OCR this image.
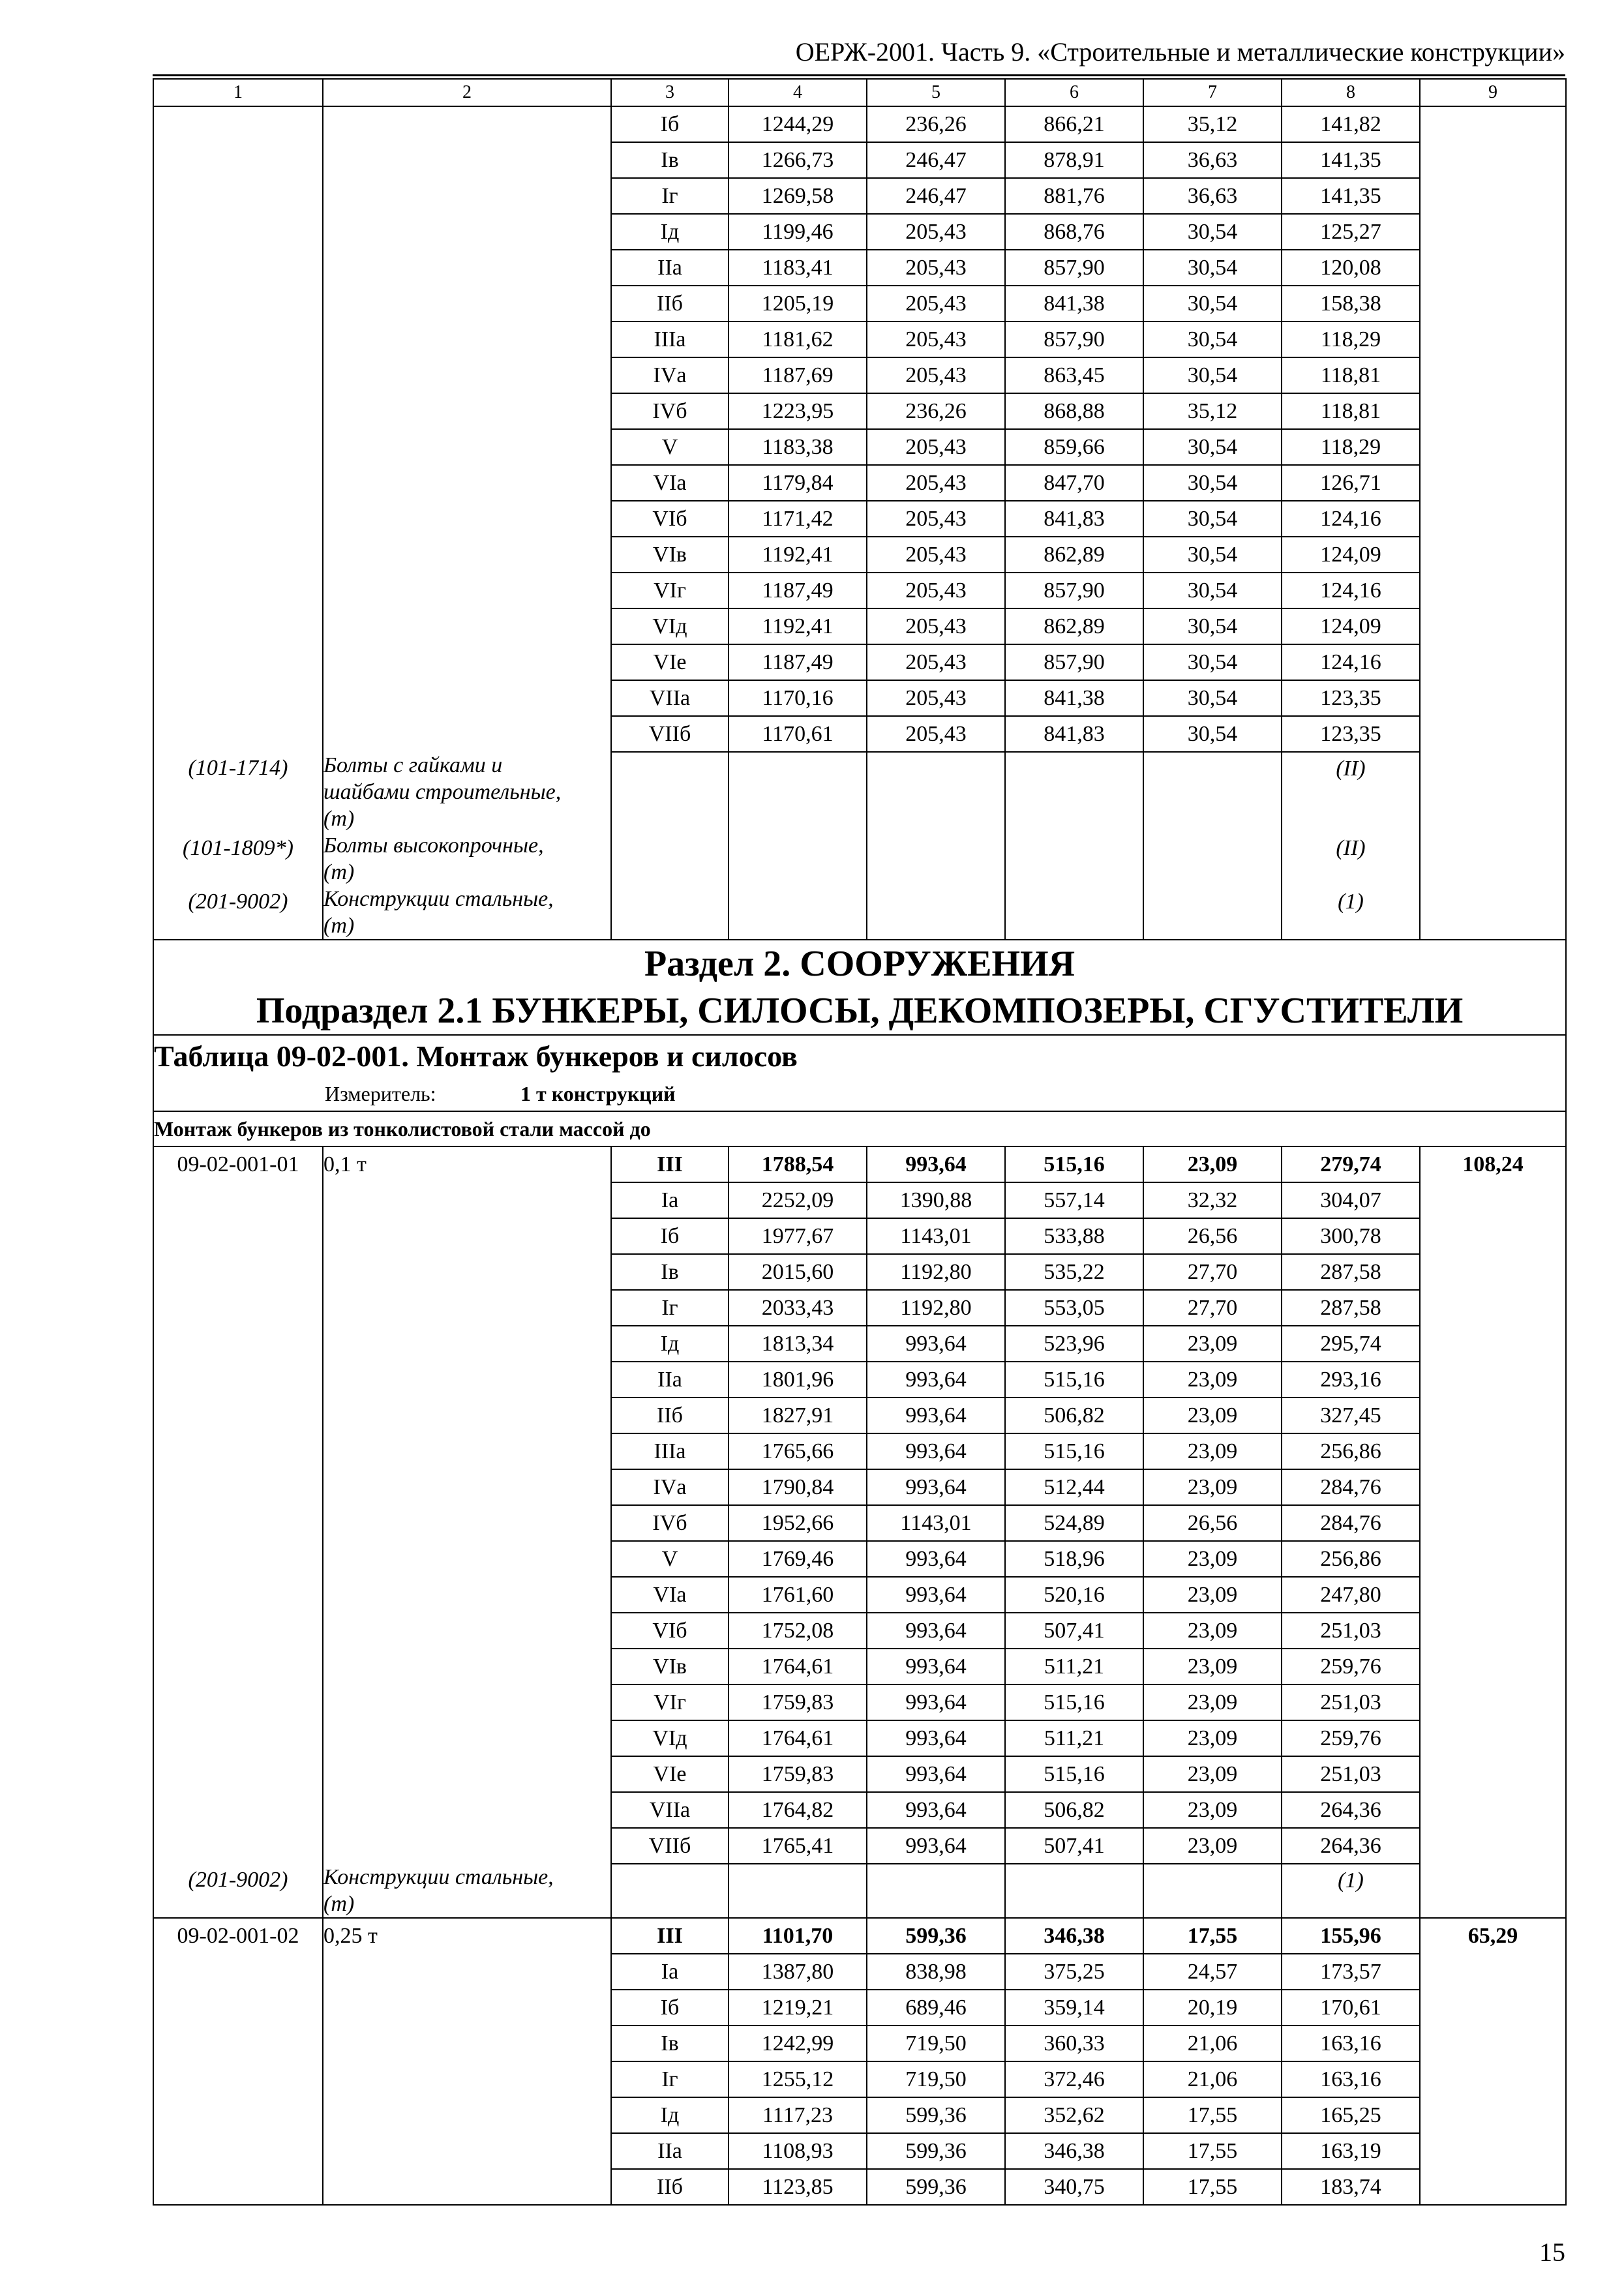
ОЕРЖ-2001. Часть 9. «Строительные и металлические конструкции»
1	2	3	4	5	6	7	8	9
		Iб	1244,29	236,26	866,21	35,12	141,82	
		Iв	1266,73	246,47	878,91	36,63	141,35	
		Iг	1269,58	246,47	881,76	36,63	141,35	
		Iд	1199,46	205,43	868,76	30,54	125,27	
		IIа	1183,41	205,43	857,90	30,54	120,08	
		IIб	1205,19	205,43	841,38	30,54	158,38	
		IIIа	1181,62	205,43	857,90	30,54	118,29	
		IVа	1187,69	205,43	863,45	30,54	118,81	
		IVб	1223,95	236,26	868,88	35,12	118,81	
		V	1183,38	205,43	859,66	30,54	118,29	
		VIа	1179,84	205,43	847,70	30,54	126,71	
		VIб	1171,42	205,43	841,83	30,54	124,16	
		VIв	1192,41	205,43	862,89	30,54	124,09	
		VIг	1187,49	205,43	857,90	30,54	124,16	
		VIд	1192,41	205,43	862,89	30,54	124,09	
		VIе	1187,49	205,43	857,90	30,54	124,16	
		VIIа	1170,16	205,43	841,38	30,54	123,35	
		VIIб	1170,61	205,43	841,83	30,54	123,35	
(101-1714)	Болты с гайками и
шайбами строительные,
(т)						(II)	
(101-1809*)	Болты высокопрочные,
(т)						(II)	
(201-9002)	Конструкции стальные,
(т)						(1)	
Раздел 2. СООРУЖЕНИЯ								
Подраздел 2.1 БУНКЕРЫ, СИЛОСЫ, ДЕКОМПОЗЕРЫ, СГУСТИТЕЛИ								
Таблица 09-02-001. Монтаж бункеров и силосов								
Измеритель: 1 т конструкций								
Монтаж бункеров из тонколистовой стали массой до								
09-02-001-01	0,1 т	III	1788,54	993,64	515,16	23,09	279,74	108,24
		Iа	2252,09	1390,88	557,14	32,32	304,07	
		Iб	1977,67	1143,01	533,88	26,56	300,78	
		Iв	2015,60	1192,80	535,22	27,70	287,58	
		Iг	2033,43	1192,80	553,05	27,70	287,58	
		Iд	1813,34	993,64	523,96	23,09	295,74	
		IIа	1801,96	993,64	515,16	23,09	293,16	
		IIб	1827,91	993,64	506,82	23,09	327,45	
		IIIа	1765,66	993,64	515,16	23,09	256,86	
		IVа	1790,84	993,64	512,44	23,09	284,76	
		IVб	1952,66	1143,01	524,89	26,56	284,76	
		V	1769,46	993,64	518,96	23,09	256,86	
		VIа	1761,60	993,64	520,16	23,09	247,80	
		VIб	1752,08	993,64	507,41	23,09	251,03	
		VIв	1764,61	993,64	511,21	23,09	259,76	
		VIг	1759,83	993,64	515,16	23,09	251,03	
		VIд	1764,61	993,64	511,21	23,09	259,76	
		VIе	1759,83	993,64	515,16	23,09	251,03	
		VIIа	1764,82	993,64	506,82	23,09	264,36	
		VIIб	1765,41	993,64	507,41	23,09	264,36	
(201-9002)	Конструкции стальные,
(т)						(1)	
09-02-001-02	0,25 т	III	1101,70	599,36	346,38	17,55	155,96	65,29
		Iа	1387,80	838,98	375,25	24,57	173,57	
		Iб	1219,21	689,46	359,14	20,19	170,61	
		Iв	1242,99	719,50	360,33	21,06	163,16	
		Iг	1255,12	719,50	372,46	21,06	163,16	
		Iд	1117,23	599,36	352,62	17,55	165,25	
		IIа	1108,93	599,36	346,38	17,55	163,19	
		IIб	1123,85	599,36	340,75	17,55	183,74	
15
